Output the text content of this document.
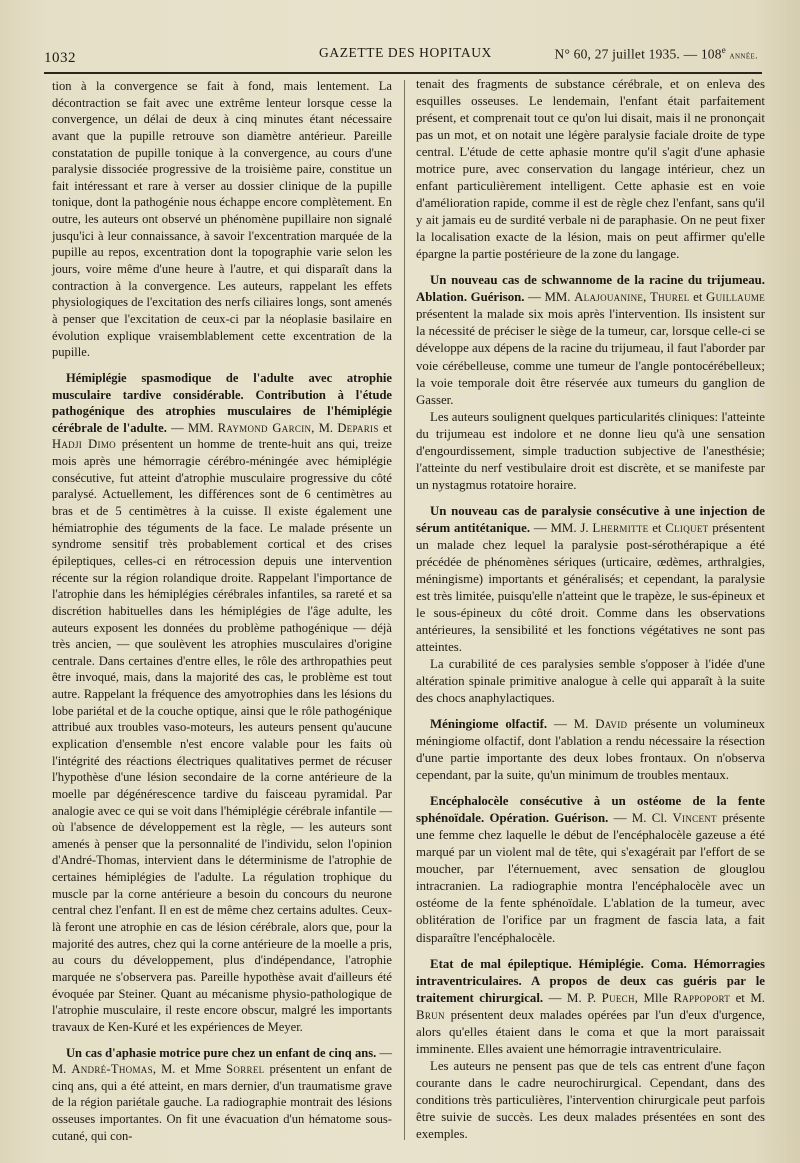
1032	GAZETTE DES HOPITAUX	N° 60, 27 juillet 1935. — 108e année.

tion à la convergence se fait à fond, mais lentement. La décontraction se fait avec une extrême lenteur lorsque cesse la convergence, un délai de deux à cinq minutes étant nécessaire avant que la pupille retrouve son diamètre antérieur. Pareille constatation de pupille tonique à la convergence, au cours d'une paralysie dissociée progressive de la troisième paire, constitue un fait intéressant et rare à verser au dossier clinique de la pupille tonique, dont la pathogénie nous échappe encore complètement. En outre, les auteurs ont observé un phénomène pupillaire non signalé jusqu'ici à leur connaissance, à savoir l'excentration marquée de la pupille au repos, excentration dont la topographie varie selon les jours, voire même d'une heure à l'autre, et qui disparaît dans la contraction à la convergence. Les auteurs, rappelant les effets physiologiques de l'excitation des nerfs ciliaires longs, sont amenés à penser que l'excitation de ceux-ci par la néoplasie basilaire en évolution explique vraisemblablement cette excentration de la pupille.

Hémiplégie spasmodique de l'adulte avec atrophie musculaire tardive considérable. Contribution à l'étude pathogénique des atrophies musculaires de l'hémiplégie cérébrale de l'adulte. — MM. Raymond Garcin, M. Deparis et Hadji Dimo présentent un homme de trente-huit ans qui, treize mois après une hémorragie cérébro-méningée avec hémiplégie consécutive, fut atteint d'atrophie musculaire progressive du côté paralysé. Actuellement, les différences sont de 6 centimètres au bras et de 5 centimètres à la cuisse. Il existe également une hémiatrophie des téguments de la face. Le malade présente un syndrome sensitif très probablement cortical et des crises épileptiques, celles-ci en rétrocession depuis une intervention récente sur la région rolandique droite. Rappelant l'importance de l'atrophie dans les hémiplégies cérébrales infantiles, sa rareté et sa discrétion habituelles dans les hémiplégies de l'âge adulte, les auteurs exposent les données du problème pathogénique — déjà très ancien, — que soulèvent les atrophies musculaires d'origine centrale. Dans certaines d'entre elles, le rôle des arthropathies peut être invoqué, mais, dans la majorité des cas, le problème est tout autre. Rappelant la fréquence des amyotrophies dans les lésions du lobe pariétal et de la couche optique, ainsi que le rôle pathogénique attribué aux troubles vaso-moteurs, les auteurs pensent qu'aucune explication d'ensemble n'est encore valable pour les faits où l'intégrité des réactions électriques qualitatives permet de récuser l'hypothèse d'une lésion secondaire de la corne antérieure de la moelle par dégénérescence tardive du faisceau pyramidal. Par analogie avec ce qui se voit dans l'hémiplégie cérébrale infantile — où l'absence de développement est la règle, — les auteurs sont amenés à penser que la personnalité de l'individu, selon l'opinion d'André-Thomas, intervient dans le déterminisme de l'atrophie de certaines hémiplégies de l'adulte. La régulation trophique du muscle par la corne antérieure a besoin du concours du neurone central chez l'enfant. Il en est de même chez certains adultes. Ceux-là feront une atrophie en cas de lésion cérébrale, alors que, pour la majorité des autres, chez qui la corne antérieure de la moelle a pris, au cours du développement, plus d'indépendance, l'atrophie marquée ne s'observera pas. Pareille hypothèse avait d'ailleurs été évoquée par Steiner. Quant au mécanisme physio-pathologique de l'atrophie musculaire, il reste encore obscur, malgré les importants travaux de Ken-Kuré et les expériences de Meyer.

Un cas d'aphasie motrice pure chez un enfant de cinq ans. — M. André-Thomas, M. et Mme Sorrel présentent un enfant de cinq ans, qui a été atteint, en mars dernier, d'un traumatisme grave de la région pariétale gauche. La radiographie montrait des lésions osseuses importantes. On fit une évacuation d'un hématome sous-cutané, qui con-

tenait des fragments de substance cérébrale, et on enleva des esquilles osseuses. Le lendemain, l'enfant était parfaitement présent, et comprenait tout ce qu'on lui disait, mais il ne prononçait pas un mot, et on notait une légère paralysie faciale droite de type central. L'étude de cette aphasie montre qu'il s'agit d'une aphasie motrice pure, avec conservation du langage intérieur, chez un enfant particulièrement intelligent. Cette aphasie est en voie d'amélioration rapide, comme il est de règle chez l'enfant, sans qu'il y ait jamais eu de surdité verbale ni de paraphasie. On ne peut fixer la localisation exacte de la lésion, mais on peut affirmer qu'elle épargne la partie postérieure de la zone du langage.

Un nouveau cas de schwannome de la racine du trijumeau. Ablation. Guérison. — MM. Alajouanine, Thurel et Guillaume présentent la malade six mois après l'intervention. Ils insistent sur la nécessité de préciser le siège de la tumeur, car, lorsque celle-ci se développe aux dépens de la racine du trijumeau, il faut l'aborder par voie cérébelleuse, comme une tumeur de l'angle pontocérébelleux; la voie temporale doit être réservée aux tumeurs du ganglion de Gasser.

Les auteurs soulignent quelques particularités cliniques: l'atteinte du trijumeau est indolore et ne donne lieu qu'à une sensation d'engourdissement, simple traduction subjective de l'anesthésie; l'atteinte du nerf vestibulaire droit est discrète, et se manifeste par un nystagmus rotatoire horaire.

Un nouveau cas de paralysie consécutive à une injection de sérum antitétanique. — MM. J. Lhermitte et Cliquet présentent un malade chez lequel la paralysie post-sérothérapique a été précédée de phénomènes sériques (urticaire, œdèmes, arthralgies, méningisme) importants et généralisés; et cependant, la paralysie est très limitée, puisqu'elle n'atteint que le trapèze, le sus-épineux et le sous-épineux du côté droit. Comme dans les observations antérieures, la sensibilité et les fonctions végétatives ne sont pas atteintes.

La curabilité de ces paralysies semble s'opposer à l'idée d'une altération spinale primitive analogue à celle qui apparaît à la suite des chocs anaphylactiques.

Méningiome olfactif. — M. David présente un volumineux méningiome olfactif, dont l'ablation a rendu nécessaire la résection d'une partie importante des deux lobes frontaux. On n'observa cependant, par la suite, qu'un minimum de troubles mentaux.

Encéphalocèle consécutive à un ostéome de la fente sphénoïdale. Opération. Guérison. — M. Cl. Vincent présente une femme chez laquelle le début de l'encéphalocèle gazeuse a été marqué par un violent mal de tête, qui s'exagérait par l'effort de se moucher, par l'éternuement, avec sensation de glouglou intracranien. La radiographie montra l'encéphalocèle avec un ostéome de la fente sphénoïdale. L'ablation de la tumeur, avec oblitération de l'orifice par un fragment de fascia lata, a fait disparaître l'encéphalocèle.

Etat de mal épileptique. Hémiplégie. Coma. Hémorragies intraventriculaires. A propos de deux cas guéris par le traitement chirurgical. — M. P. Puech, Mlle Rappoport et M. Brun présentent deux malades opérées par l'un d'eux d'urgence, alors qu'elles étaient dans le coma et que la mort paraissait imminente. Elles avaient une hémorragie intraventriculaire.

Les auteurs ne pensent pas que de tels cas entrent d'une façon courante dans le cadre neurochirurgical. Cependant, dans des conditions très particulières, l'intervention chirurgicale peut parfois être suivie de succès. Les deux malades présentées en sont des exemples.
